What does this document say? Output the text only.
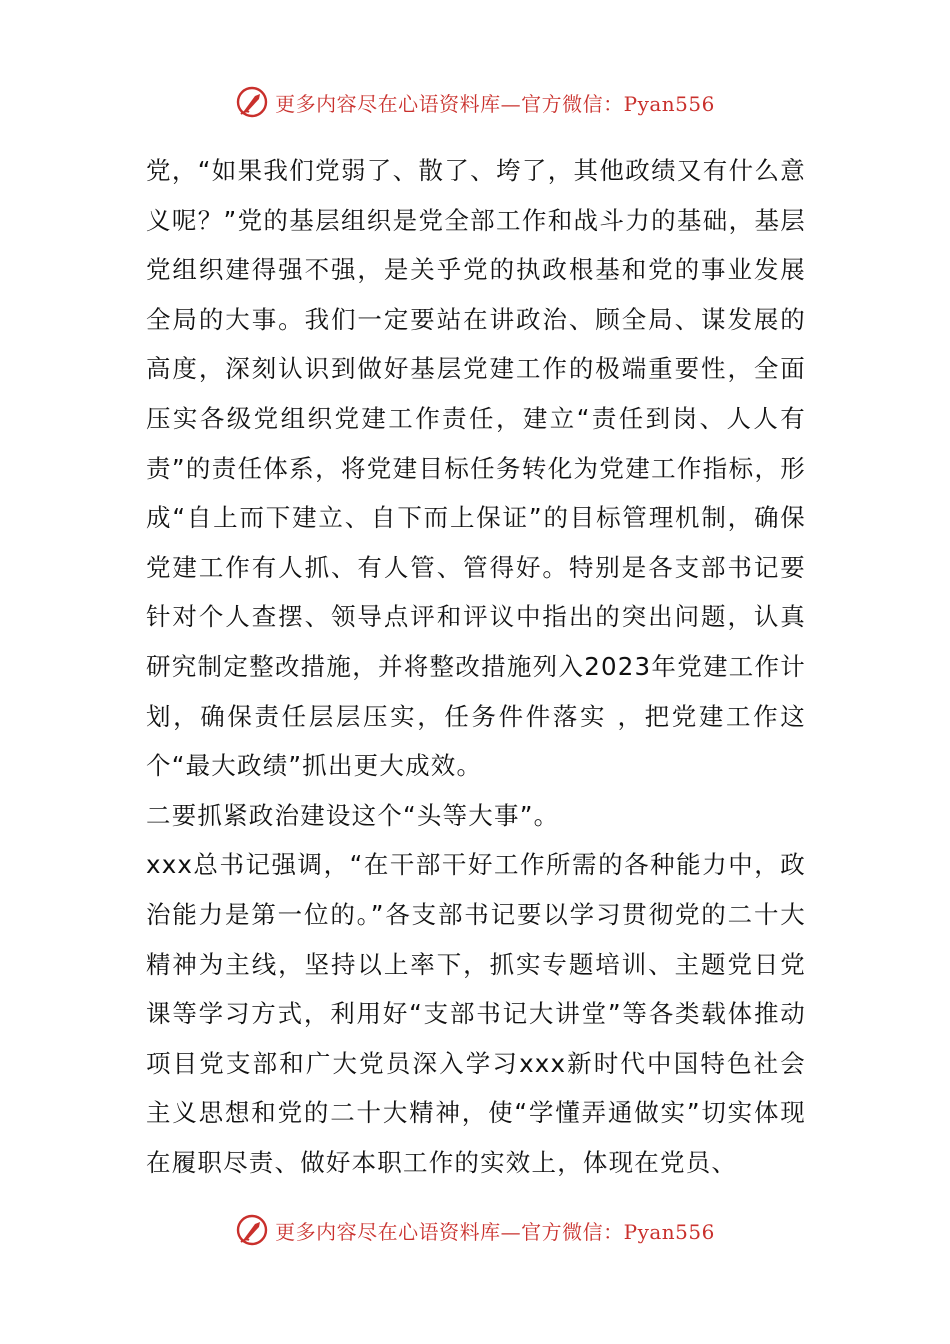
更多内容尽在心语资料库—官方微信：Pyan556

党，“如果我们党弱了、散了、垮了，其他政绩又有什么意义呢？”党的基层组织是党全部工作和战斗力的基础，基层党组织建得强不强，是关乎党的执政根基和党的事业发展全局的大事。我们一定要站在讲政治、顾全局、谋发展的高度，深刻认识到做好基层党建工作的极端重要性，全面压实各级党组织党建工作责任，建立“责任到岗、人人有责”的责任体系，将党建目标任务转化为党建工作指标，形成“自上而下建立、自下而上保证”的目标管理机制，确保党建工作有人抓、有人管、管得好。特别是各支部书记要针对个人查摆、领导点评和评议中指出的突出问题，认真研究制定整改措施，并将整改措施列入2023年党建工作计划，确保责任层层压实，任务件件落实 ，把党建工作这个“最大政绩”抓出更大成效。

二要抓紧政治建设这个“头等大事”。

xxx总书记强调，“在干部干好工作所需的各种能力中，政治能力是第一位的。”各支部书记要以学习贯彻党的二十大精神为主线，坚持以上率下，抓实专题培训、主题党日党课等学习方式，利用好“支部书记大讲堂”等各类载体推动项目党支部和广大党员深入学习xxx新时代中国特色社会主义思想和党的二十大精神，使“学懂弄通做实”切实体现在履职尽责、做好本职工作的实效上，体现在党员、

更多内容尽在心语资料库—官方微信：Pyan556
